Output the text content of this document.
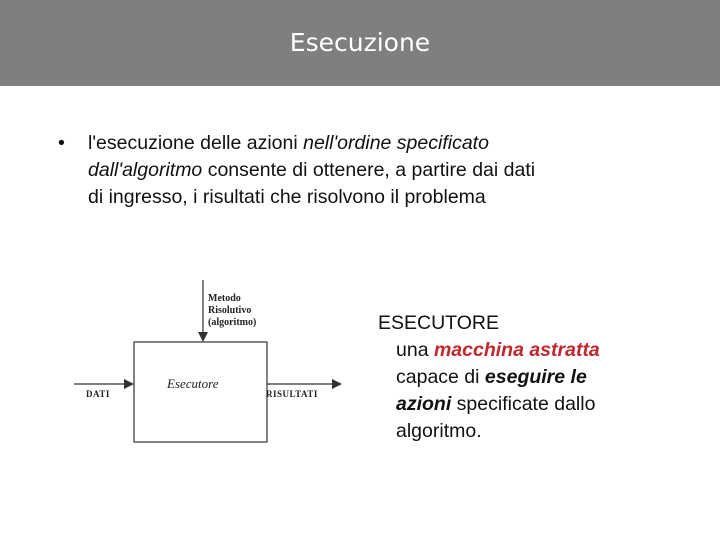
Esecuzione
• l'esecuzione delle azioni nell'ordine specificato
dall'algoritmo consente di ottenere, a partire dai dati
di ingresso, i risultati che risolvono il problema
Metodo
Risolutivo
(algoritmo)
Esecutore
DATI	RISULTATI
ESECUTORE
una macchina astratta
capace di eseguire le
azioni specificate dallo
algoritmo.
